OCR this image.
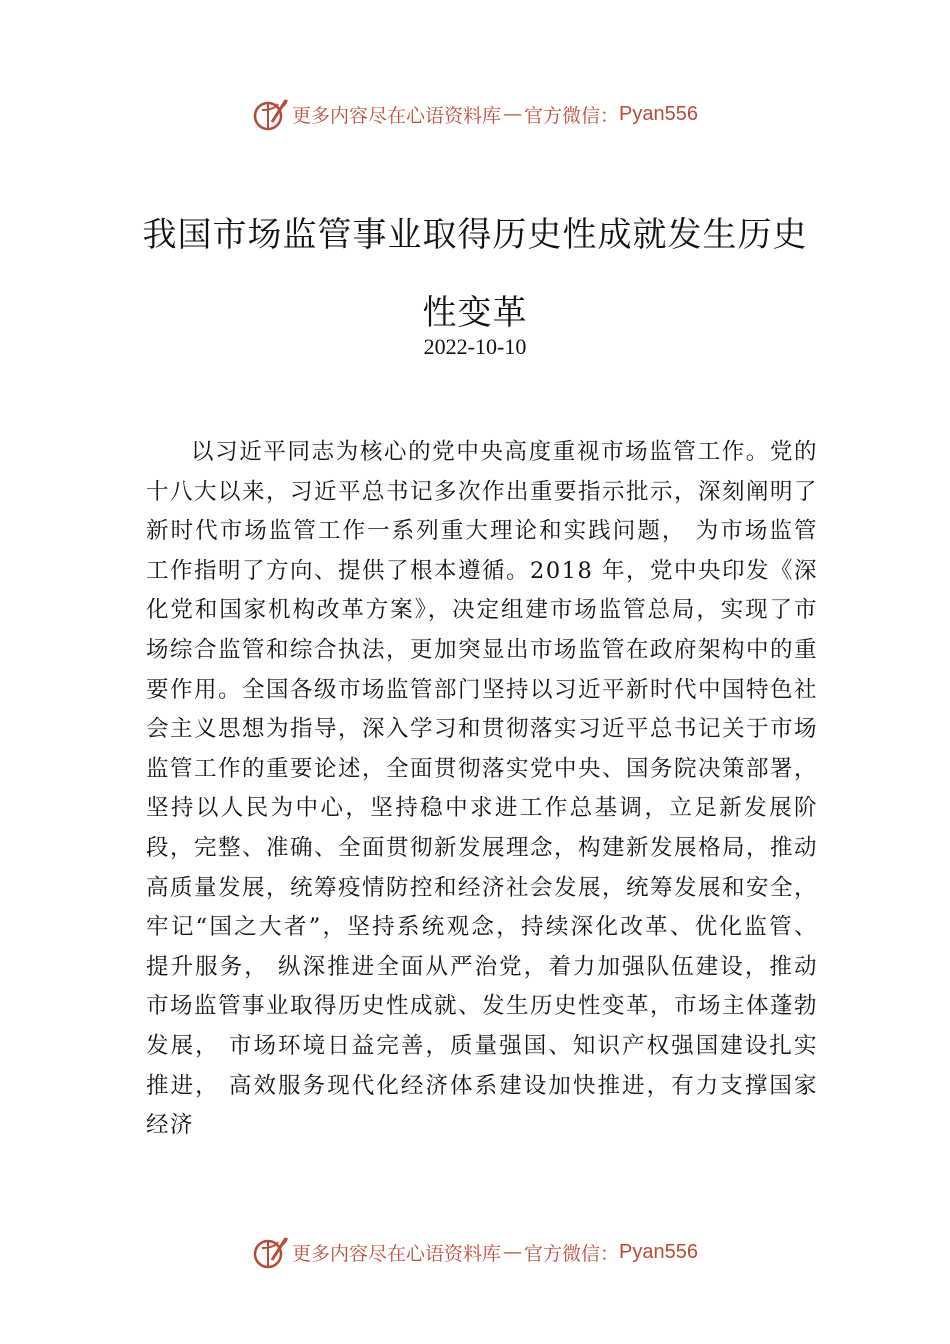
更多内容尽在心语资料库 — 官方微信： Pyan556
我国市场监管事业取得历史性成就发生历史性变革
2022-10-10

以习近平同志为核心的党中央高度重视市场监管工作。党的十八大以来，习近平总书记多次作出重要指示批示，深刻阐明了新时代市场监管工作一系列重大理论和实践问题， 为市场监管工作指明了方向、提供了根本遵循。2018 年，党中央印发《深化党和国家机构改革方案》，决定组建市场监管总局，实现了市场综合监管和综合执法，更加突显出市场监管在政府架构中的重要作用。全国各级市场监管部门坚持以习近平新时代中国特色社会主义思想为指导，深入学习和贯彻落实习近平总书记关于市场监管工作的重要论述，全面贯彻落实党中央、国务院决策部署，坚持以人民为中心，坚持稳中求进工作总基调，立足新发展阶段，完整、准确、全面贯彻新发展理念，构建新发展格局，推动高质量发展，统筹疫情防控和经济社会发展，统筹发展和安全，牢记“国之大者”，坚持系统观念，持续深化改革、优化监管、提升服务， 纵深推进全面从严治党，着力加强队伍建设，推动市场监管事业取得历史性成就、发生历史性变革，市场主体蓬勃发展， 市场环境日益完善，质量强国、知识产权强国建设扎实推进， 高效服务现代化经济体系建设加快推进，有力支撑国家经济

更多内容尽在心语资料库 — 官方微信： Pyan556
